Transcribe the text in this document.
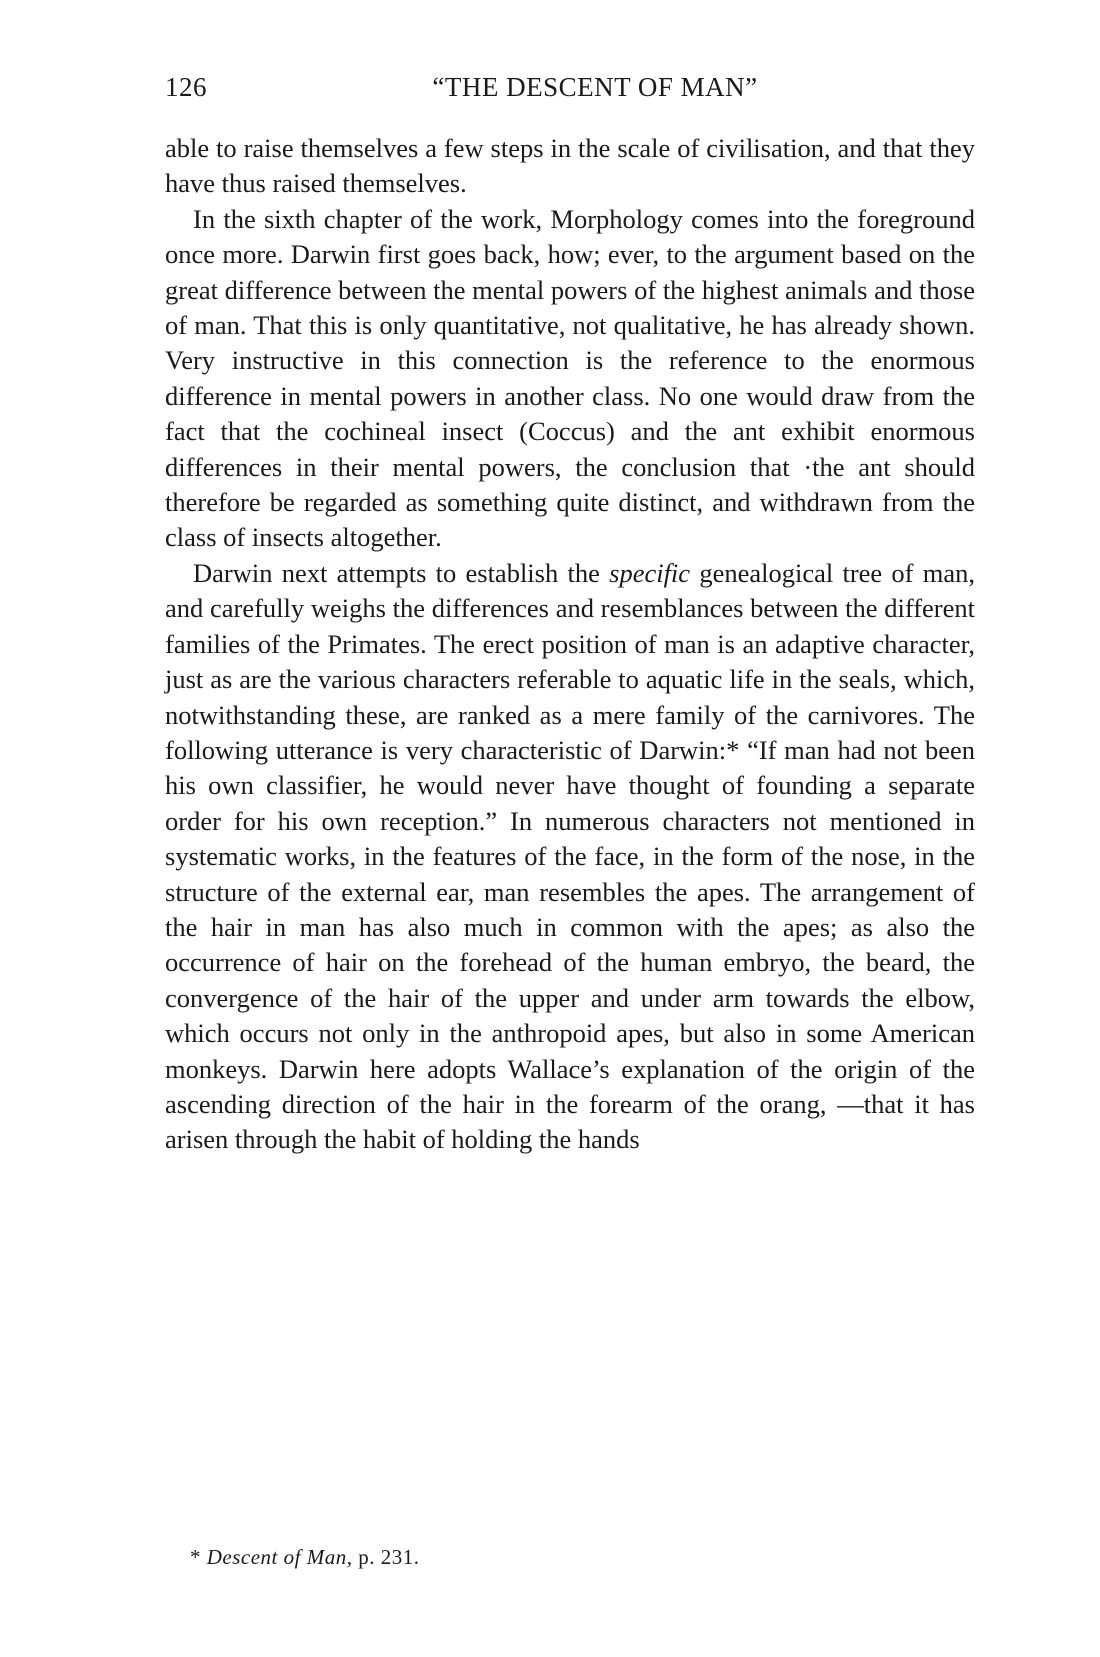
126	“THE DESCENT OF MAN”

able to raise themselves a few steps in the scale of civilisation, and that they have thus raised themselves.

In the sixth chapter of the work, Morphology comes into the foreground once more. Darwin first goes back, how; ever, to the argument based on the great difference between the mental powers of the highest animals and those of man. That this is only quantitative, not qualitative, he has already shown. Very instructive in this connection is the reference to the enormous difference in mental powers in another class. No one would draw from the fact that the cochineal insect (Coccus) and the ant exhibit enormous differences in their mental powers, the conclusion that ·the ant should therefore be regarded as something quite distinct, and withdrawn from the class of insects altogether.

Darwin next attempts to establish the specific genealogical tree of man, and carefully weighs the differences and resemblances between the different families of the Primates. The erect position of man is an adaptive character, just as are the various characters referable to aquatic life in the seals, which, notwithstanding these, are ranked as a mere family of the carnivores. The following utterance is very characteristic of Darwin:* “If man had not been his own classifier, he would never have thought of founding a separate order for his own reception.” In numerous characters not mentioned in systematic works, in the features of the face, in the form of the nose, in the structure of the external ear, man resembles the apes. The arrangement of the hair in man has also much in common with the apes; as also the occurrence of hair on the forehead of the human embryo, the beard, the convergence of the hair of the upper and under arm towards the elbow, which occurs not only in the anthropoid apes, but also in some American monkeys. Darwin here adopts Wallace’s explanation of the origin of the ascending direction of the hair in the forearm of the orang, —that it has arisen through the habit of holding the hands

* Descent of Man, p. 231.
